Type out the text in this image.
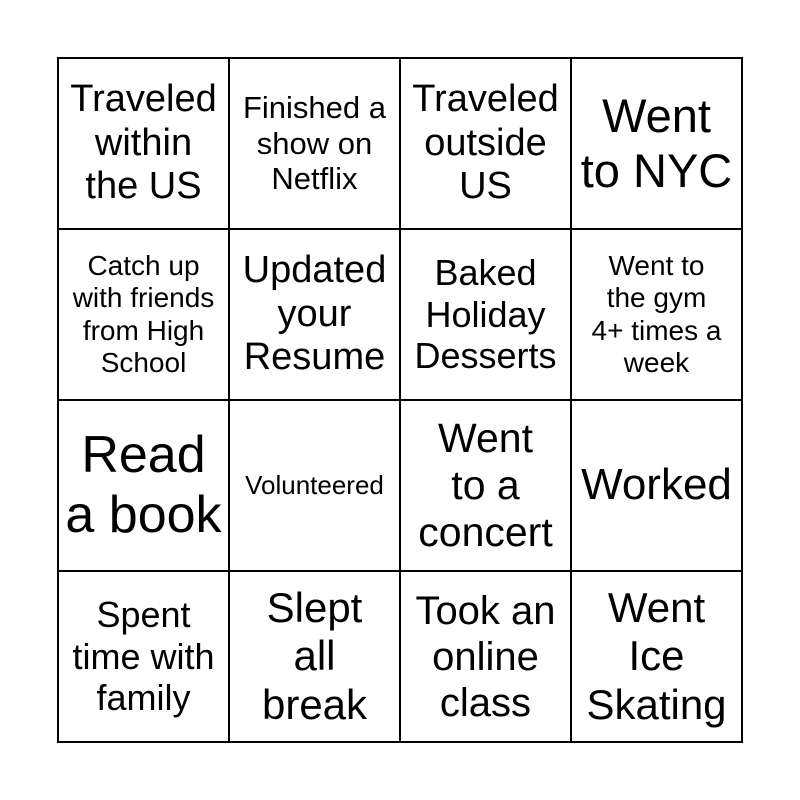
Traveled
within
the US
Finished a
show on
Netflix
Traveled
outside
US
Went
to NYC
Catch up
with friends
from High
School
Updated
your
Resume
Baked
Holiday
Desserts
Went to
the gym
4+ times a
week
Read
a book
Volunteered
Went
to a
concert
Worked
Spent
time with
family
Slept
all
break
Took an
online
class
Went
Ice
Skating
